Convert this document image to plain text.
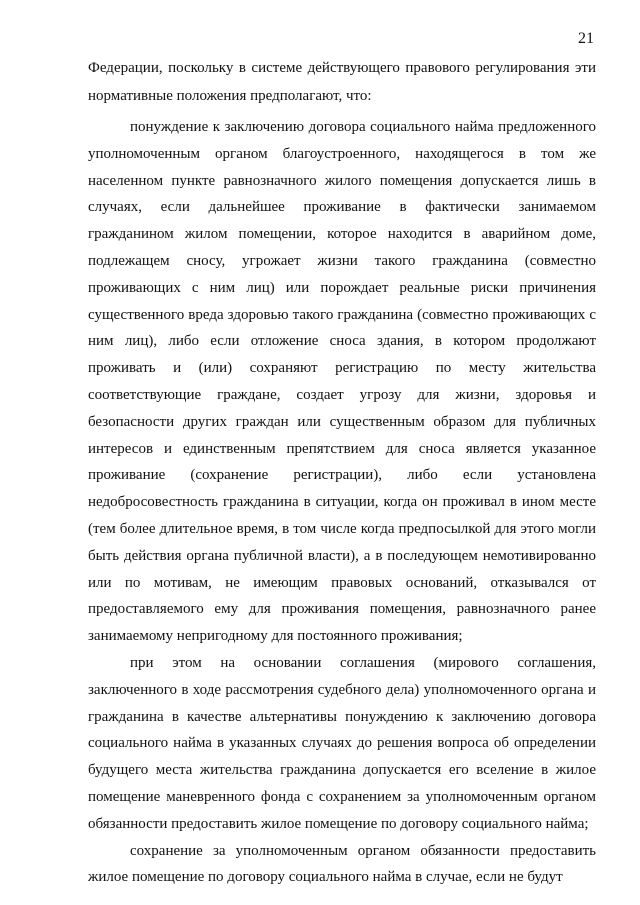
21

Федерации, поскольку в системе действующего правового регулирования эти нормативные положения предполагают, что:

понуждение к заключению договора социального найма предложенного уполномоченным органом благоустроенного, находящегося в том же населенном пункте равнозначного жилого помещения допускается лишь в случаях, если дальнейшее проживание в фактически занимаемом гражданином жилом помещении, которое находится в аварийном доме, подлежащем сносу, угрожает жизни такого гражданина (совместно проживающих с ним лиц) или порождает реальные риски причинения существенного вреда здоровью такого гражданина (совместно проживающих с ним лиц), либо если отложение сноса здания, в котором продолжают проживать и (или) сохраняют регистрацию по месту жительства соответствующие граждане, создает угрозу для жизни, здоровья и безопасности других граждан или существенным образом для публичных интересов и единственным препятствием для сноса является указанное проживание (сохранение регистрации), либо если установлена недобросовестность гражданина в ситуации, когда он проживал в ином месте (тем более длительное время, в том числе когда предпосылкой для этого могли быть действия органа публичной власти), а в последующем немотивированно или по мотивам, не имеющим правовых оснований, отказывался от предоставляемого ему для проживания помещения, равнозначного ранее занимаемому непригодному для постоянного проживания;

при этом на основании соглашения (мирового соглашения, заключенного в ходе рассмотрения судебного дела) уполномоченного органа и гражданина в качестве альтернативы понуждению к заключению договора социального найма в указанных случаях до решения вопроса об определении будущего места жительства гражданина допускается его вселение в жилое помещение маневренного фонда с сохранением за уполномоченным органом обязанности предоставить жилое помещение по договору социального найма;

сохранение за уполномоченным органом обязанности предоставить жилое помещение по договору социального найма в случае, если не будут
